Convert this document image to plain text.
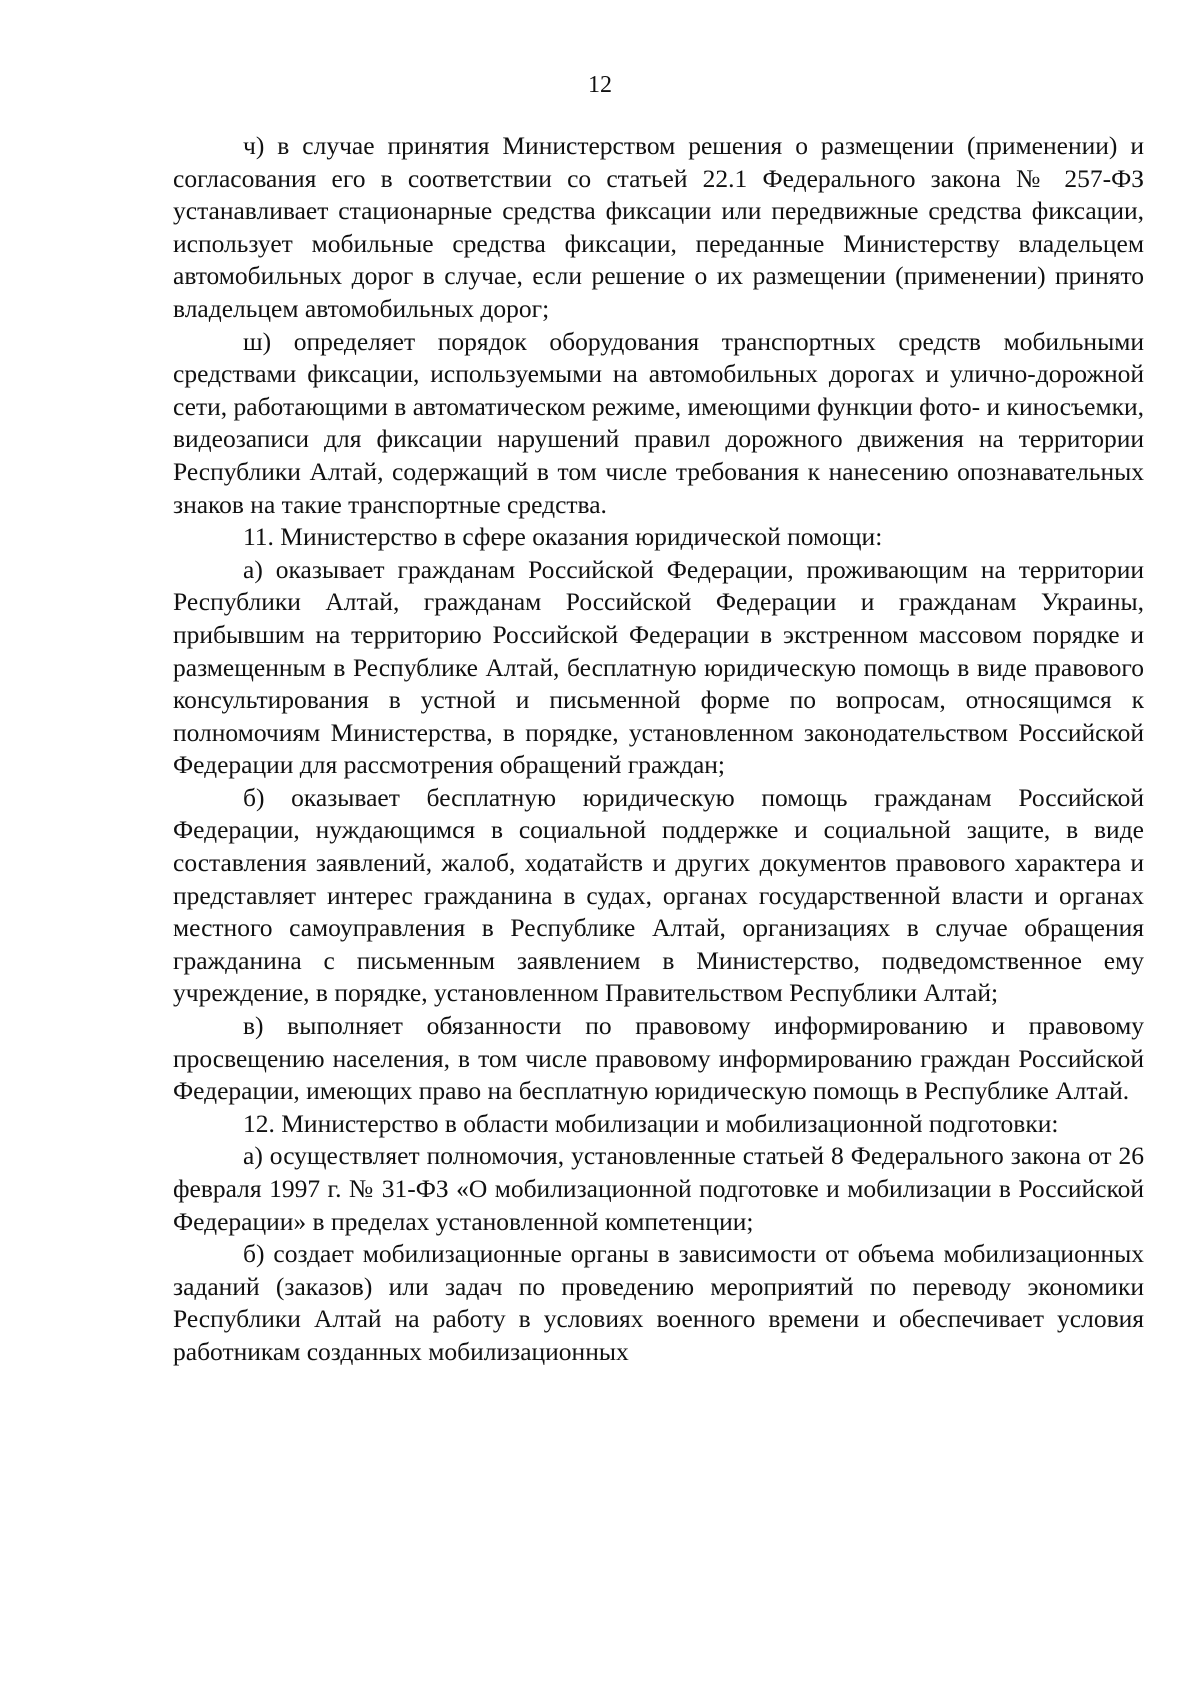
12

ч) в случае принятия Министерством решения о размещении (применении) и согласования его в соответствии со статьей 22.1 Федерального закона № 257-ФЗ устанавливает стационарные средства фиксации или передвижные средства фиксации, использует мобильные средства фиксации, переданные Министерству владельцем автомобильных дорог в случае, если решение о их размещении (применении) принято владельцем автомобильных дорог;

ш) определяет порядок оборудования транспортных средств мобильными средствами фиксации, используемыми на автомобильных дорогах и улично-дорожной сети, работающими в автоматическом режиме, имеющими функции фото- и киносъемки, видеозаписи для фиксации нарушений правил дорожного движения на территории Республики Алтай, содержащий в том числе требования к нанесению опознавательных знаков на такие транспортные средства.

11. Министерство в сфере оказания юридической помощи:

а) оказывает гражданам Российской Федерации, проживающим на территории Республики Алтай, гражданам Российской Федерации и гражданам Украины, прибывшим на территорию Российской Федерации в экстренном массовом порядке и размещенным в Республике Алтай, бесплатную юридическую помощь в виде правового консультирования в устной и письменной форме по вопросам, относящимся к полномочиям Министерства, в порядке, установленном законодательством Российской Федерации для рассмотрения обращений граждан;

б) оказывает бесплатную юридическую помощь гражданам Российской Федерации, нуждающимся в социальной поддержке и социальной защите, в виде составления заявлений, жалоб, ходатайств и других документов правового характера и представляет интерес гражданина в судах, органах государственной власти и органах местного самоуправления в Республике Алтай, организациях в случае обращения гражданина с письменным заявлением в Министерство, подведомственное ему учреждение, в порядке, установленном Правительством Республики Алтай;

в) выполняет обязанности по правовому информированию и правовому просвещению населения, в том числе правовому информированию граждан Российской Федерации, имеющих право на бесплатную юридическую помощь в Республике Алтай.

12. Министерство в области мобилизации и мобилизационной подготовки:

а) осуществляет полномочия, установленные статьей 8 Федерального закона от 26 февраля 1997 г. № 31-ФЗ «О мобилизационной подготовке и мобилизации в Российской Федерации» в пределах установленной компетенции;

б) создает мобилизационные органы в зависимости от объема мобилизационных заданий (заказов) или задач по проведению мероприятий по переводу экономики Республики Алтай на работу в условиях военного времени и обеспечивает условия работникам созданных мобилизационных
